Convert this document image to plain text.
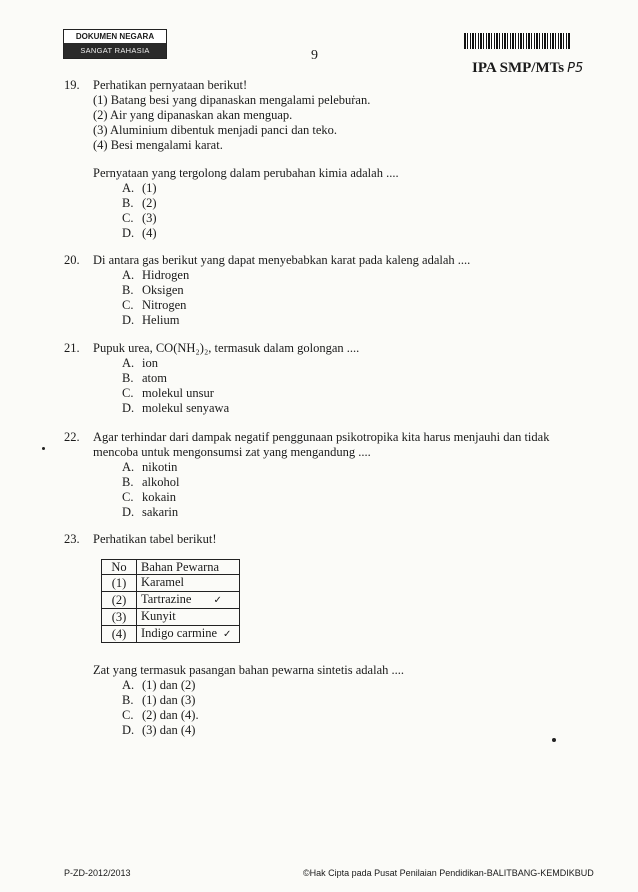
DOKUMEN NEGARA
SANGAT RAHASIA	9
IPA SMP/MTs P5
19. Perhatikan pernyataan berikut!
(1) Batang besi yang dipanaskan mengalami pelebuṙan.
(2) Air yang dipanaskan akan menguap.
(3) Aluminium dibentuk menjadi panci dan teko.
(4) Besi mengalami karat.
Pernyataan yang tergolong dalam perubahan kimia adalah ....
A. (1)
B. (2)
C. (3)
D. (4)
20. Di antara gas berikut yang dapat menyebabkan karat pada kaleng adalah ....
A. Hidrogen
B. Oksigen
C. Nitrogen
D. Helium
21. Pupuk urea, CO(NH₂)₂, termasuk dalam golongan ....
A. ion
B. atom
C. molekul unsur
D. molekul senyawa
22. Agar terhindar dari dampak negatif penggunaan psikotropika kita harus menjauhi dan tidak
mencoba untuk mengonsumsi zat yang mengandung ....
A. nikotin
B. alkohol
C. kokain
D. sakarin
23. Perhatikan tabel berikut!
No	Bahan Pewarna
(1)	Karamel
(2)	Tartrazine ✓
(3)	Kunyit
(4)	Indigo carmine ✓
Zat yang termasuk pasangan bahan pewarna sintetis adalah ....
A. (1) dan (2)
B. (1) dan (3)
C. (2) dan (4).
D. (3) dan (4)
P-ZD-2012/2013	©Hak Cipta pada Pusat Penilaian Pendidikan-BALITBANG-KEMDIKBUD
